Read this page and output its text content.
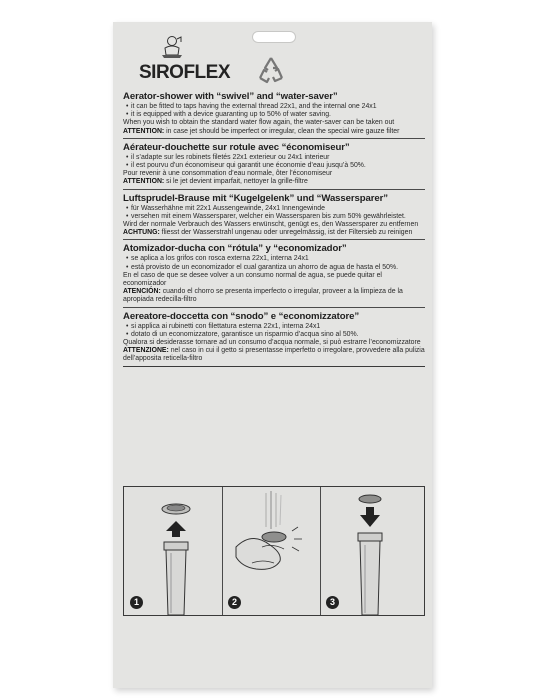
SIROFLEX
Aerator-shower with “swivel” and “water-saver”
• it can be fitted to taps having the external thread 22x1, and the internal one 24x1
• it is equipped with a device guaranting up to 50% of water saving.
When you wish to obtain the standard water flow again, the water-saver can be taken out
ATTENTION: in case jet should be imperfect or irregular, clean the special wire gauze filter
Aérateur-douchette sur rotule avec “économiseur”
• il s’adapte sur les robinets filetés 22x1 exterieur ou 24x1 interieur
• il est pourvu d’un économiseur qui garantit une économie d’eau jusqu’à 50%.
Pour revenir à une consommation d’eau normale, ôter l’économiseur
ATTENTION: si le jet devient imparfait, nettoyer la grille-filtre
Luftsprudel-Brause mit “Kugelgelenk” und “Wassersparer”
• für Wasserhähne mit 22x1 Aussengewinde, 24x1 Innengewinde
• versehen mit einem Wassersparer, welcher ein Wassersparen bis zum 50% gewährleistet.
Wird der normale Verbrauch des Wassers erwünscht, genügt es, den Wassersparer zu entfernen
ACHTUNG: fliesst der Wasserstrahl ungenau oder unregelmässig, ist der Filtersieb zu reinigen
Atomizador-ducha con “rótula” y “economizador”
• se aplica a los grifos con rosca externa 22x1, interna 24x1
• está provisto de un economizador el cual garantiza un ahorro de agua de hasta el 50%.
En el caso de que se desee volver a un consumo normal de agua, se puede quitar el economizador
ATENCIÓN: cuando el chorro se presenta imperfecto o irregular, proveer a la limpieza de la apropiada redecilla-filtro
Aereatore-doccetta con “snodo” e “economizzatore”
• si applica ai rubinetti con filettatura esterna 22x1, interna 24x1
• dotato di un economizzatore, garantisce un risparmio d’acqua sino al 50%.
Qualora si desiderasse tornare ad un consumo d’acqua normale, si può estrarre l’economizzatore
ATTENZIONE: nel caso in cui il getto si presentasse imperfetto o irregolare, provvedere alla pulizia dell’apposita reticella-filtro
1	2	3
